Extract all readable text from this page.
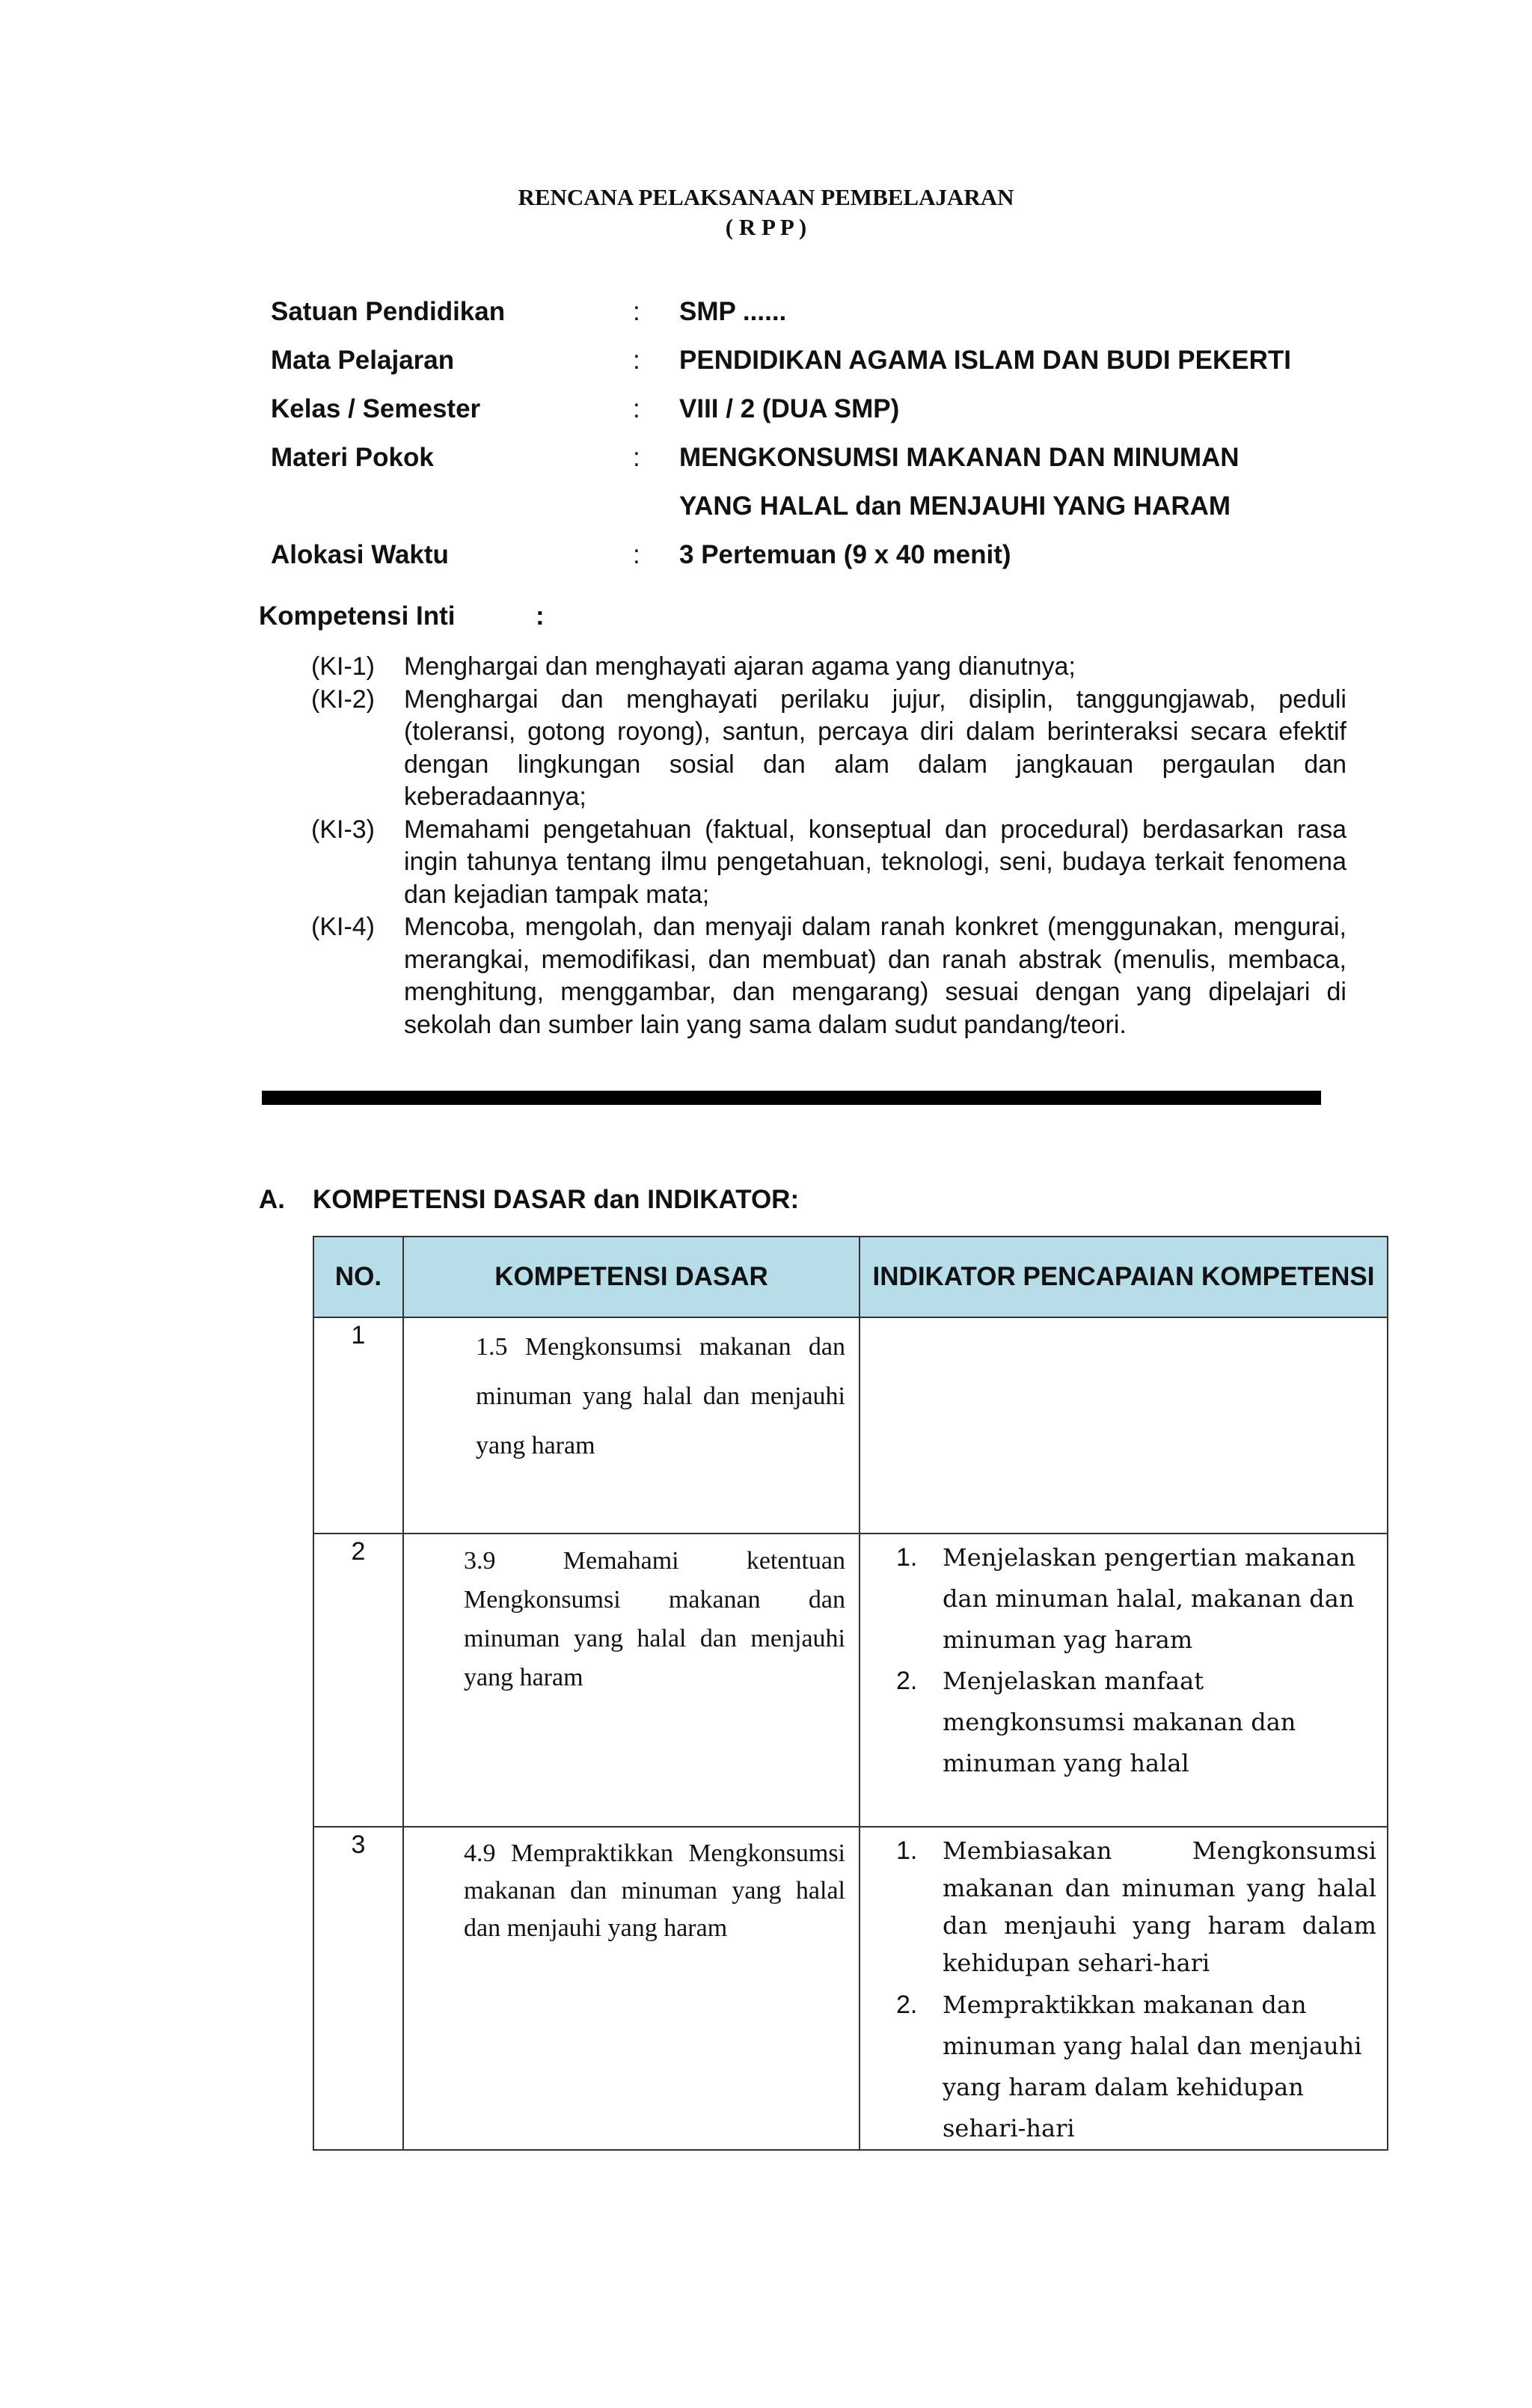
RENCANA PELAKSANAAN PEMBELAJARAN
( R P P )
Satuan Pendidikan	: SMP ......
Mata Pelajaran	: PENDIDIKAN AGAMA ISLAM DAN BUDI PEKERTI
Kelas / Semester	: VIII / 2 (DUA SMP)
Materi Pokok	: MENGKONSUMSI MAKANAN DAN MINUMAN
YANG HALAL dan MENJAUHI YANG HARAM
Alokasi Waktu	: 3 Pertemuan (9 x 40 menit)
Kompetensi Inti	:
(KI-1) Menghargai dan menghayati ajaran agama yang dianutnya;
(KI-2) Menghargai dan menghayati perilaku jujur, disiplin, tanggungjawab, peduli (toleransi, gotong royong), santun, percaya diri dalam berinteraksi secara efektif dengan lingkungan sosial dan alam dalam jangkauan pergaulan dan keberadaannya;
(KI-3) Memahami pengetahuan (faktual, konseptual dan procedural) berdasarkan rasa ingin tahunya tentang ilmu pengetahuan, teknologi, seni, budaya terkait fenomena dan kejadian tampak mata;
(KI-4) Mencoba, mengolah, dan menyaji dalam ranah konkret (menggunakan, mengurai, merangkai, memodifikasi, dan membuat) dan ranah abstrak (menulis, membaca, menghitung, menggambar, dan mengarang) sesuai dengan yang dipelajari di sekolah dan sumber lain yang sama dalam sudut pandang/teori.
A. KOMPETENSI DASAR dan INDIKATOR:
NO.	KOMPETENSI DASAR	INDIKATOR PENCAPAIAN KOMPETENSI
1	1.5 Mengkonsumsi makanan dan minuman yang halal dan menjauhi yang haram	

2	3.9 Memahami ketentuan Mengkonsumsi makanan dan minuman yang halal dan menjauhi yang haram	1. Menjelaskan pengertian makanan dan minuman halal, makanan dan minuman yag haram
2. Menjelaskan manfaat mengkonsumsi makanan dan minuman yang halal

3	4.9 Mempraktikkan Mengkonsumsi makanan dan minuman yang halal dan menjauhi yang haram	1. Membiasakan Mengkonsumsi makanan dan minuman yang halal dan menjauhi yang haram dalam kehidupan sehari-hari
2. Mempraktikkan makanan dan minuman yang halal dan menjauhi yang haram dalam kehidupan sehari-hari
